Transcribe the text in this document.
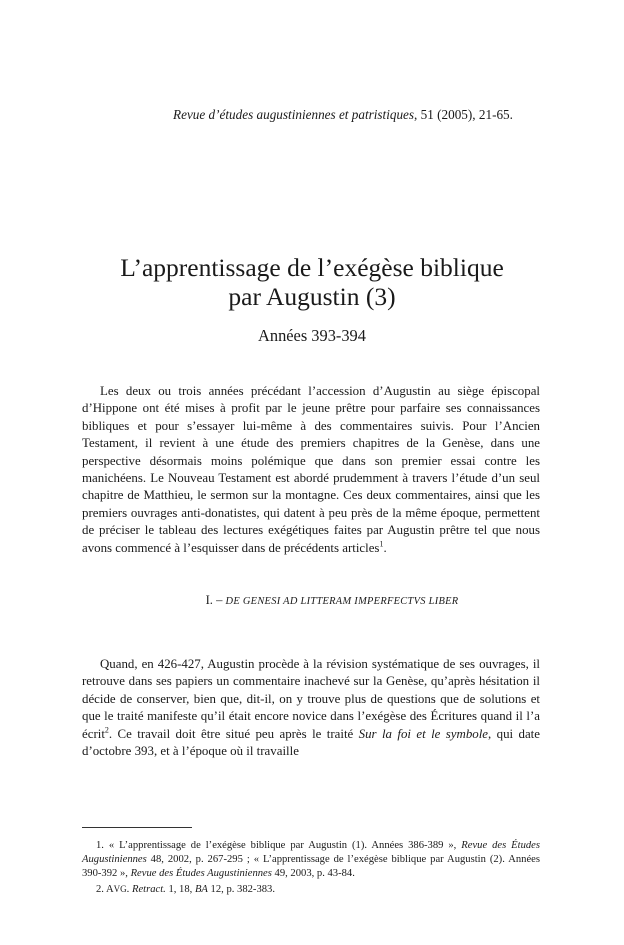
Revue d’études augustiniennes et patristiques, 51 (2005), 21-65.
L’apprentissage de l’exégèse biblique
par Augustin (3)
Années 393-394

Les deux ou trois années précédant l’accession d’Augustin au siège épiscopal d’Hippone ont été mises à profit par le jeune prêtre pour parfaire ses connaissances bibliques et pour s’essayer lui-même à des commentaires suivis. Pour l’Ancien Testament, il revient à une étude des premiers chapitres de la Genèse, dans une perspective désormais moins polémique que dans son premier essai contre les manichéens. Le Nouveau Testament est abordé prudemment à travers l’étude d’un seul chapitre de Matthieu, le sermon sur la montagne. Ces deux commentaires, ainsi que les premiers ouvrages anti-donatistes, qui datent à peu près de la même époque, permettent de préciser le tableau des lectures exégétiques faites par Augustin prêtre tel que nous avons commencé à l’esquisser dans de précédents articles$^1$.

I. – DE GENESI AD LITTERAM IMPERFECTVS LIBER

Quand, en 426-427, Augustin procède à la révision systématique de ses ouvrages, il retrouve dans ses papiers un commentaire inachevé sur la Genèse, qu’après hésitation il décide de conserver, bien que, dit-il, on y trouve plus de questions que de solutions et que le traité manifeste qu’il était encore novice dans l’exégèse des Écritures quand il l’a écrit$^2$. Ce travail doit être situé peu après le traité Sur la foi et le symbole, qui date d’octobre 393, et à l’époque où il travaille

1. « L’apprentissage de l’exégèse biblique par Augustin (1). Années 386-389 », Revue des Études Augustiniennes 48, 2002, p. 267-295 ; « L’apprentissage de l’exégèse biblique par Augustin (2). Années 390-392 », Revue des Études Augustiniennes 49, 2003, p. 43-84.

2. AVG. Retract. 1, 18, BA 12, p. 382-383.
